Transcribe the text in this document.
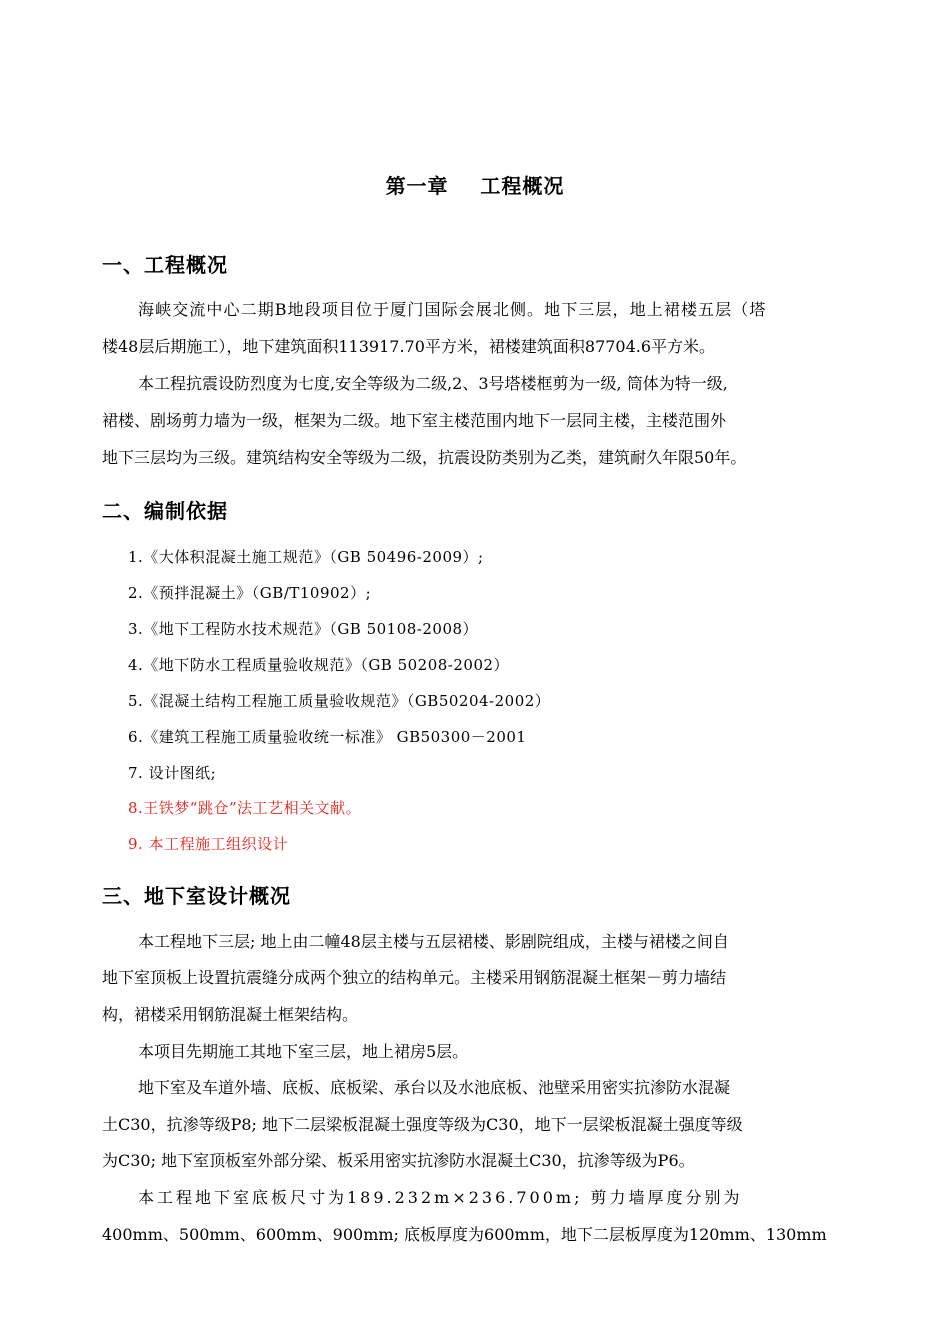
第一章    工程概况
一、工程概况
海峡交流中心二期B地段项目位于厦门国际会展北侧。地下三层，地上裙楼五层（塔
楼48层后期施工），地下建筑面积113917.70平方米，裙楼建筑面积87704.6平方米。
本工程抗震设防烈度为七度,安全等级为二级,2、3号塔楼框剪为一级, 筒体为特一级,
裙楼、剧场剪力墙为一级，框架为二级。地下室主楼范围内地下一层同主楼，主楼范围外
地下三层均为三级。建筑结构安全等级为二级，抗震设防类别为乙类，建筑耐久年限50年。
二、编制依据
1.《大体积混凝土施工规范》（GB 50496-2009）;
2.《预拌混凝土》（GB/T10902）;
3.《地下工程防水技术规范》（GB 50108-2008）
4.《地下防水工程质量验收规范》（GB 50208-2002）
5.《混凝土结构工程施工质量验收规范》（GB50204-2002）
6.《建筑工程施工质量验收统一标准》 GB50300－2001
7. 设计图纸;
8.王铁梦“跳仓”法工艺相关文献。
9. 本工程施工组织设计
三、地下室设计概况
本工程地下三层; 地上由二幢48层主楼与五层裙楼、影剧院组成，主楼与裙楼之间自
地下室顶板上设置抗震缝分成两个独立的结构单元。主楼采用钢筋混凝土框架－剪力墙结
构，裙楼采用钢筋混凝土框架结构。
本项目先期施工其地下室三层，地上裙房5层。
地下室及车道外墙、底板、底板梁、承台以及水池底板、池壁采用密实抗渗防水混凝
土C30，抗渗等级P8; 地下二层梁板混凝土强度等级为C30，地下一层梁板混凝土强度等级
为C30; 地下室顶板室外部分梁、板采用密实抗渗防水混凝土C30，抗渗等级为P6。
本工程地下室底板尺寸为189.232m×236.700m; 剪力墙厚度分别为
400mm、500mm、600mm、900mm; 底板厚度为600mm，地下二层板厚度为120mm、130mm
